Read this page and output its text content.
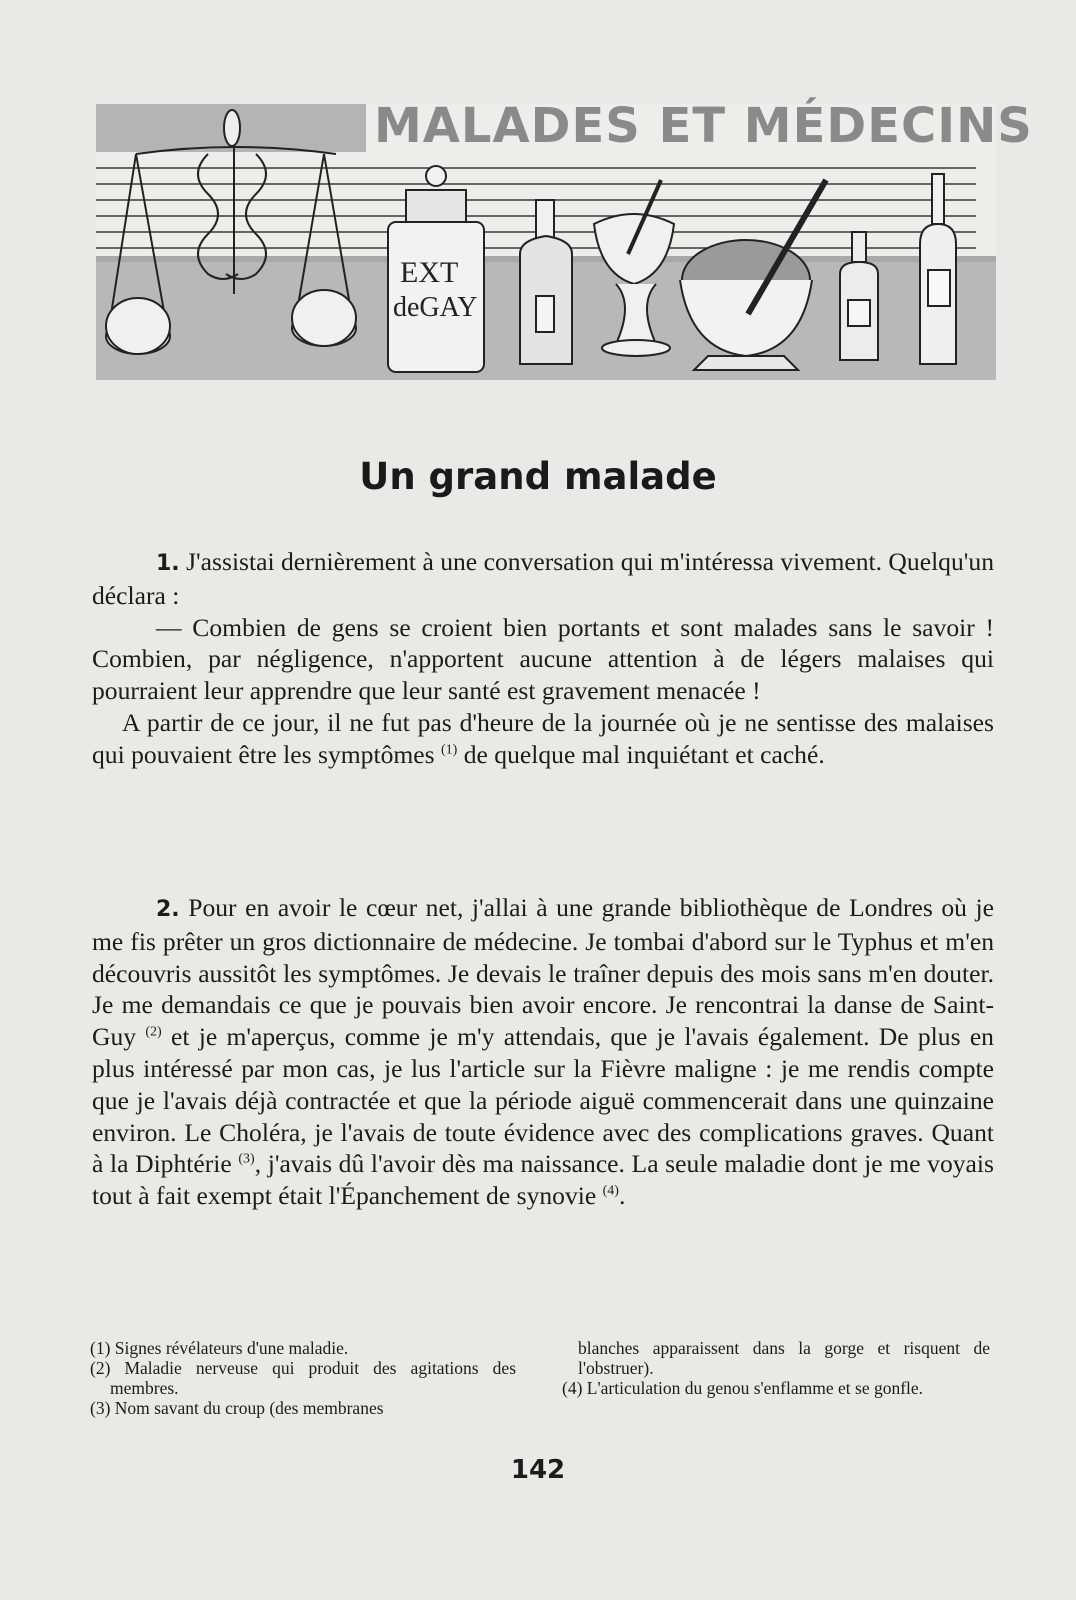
EXT
deGAY
MALADES ET MÉDECINS
Un grand malade

1. J'assistai dernièrement à une conversation qui m'intéressa vivement. Quelqu'un déclara :

— Combien de gens se croient bien portants et sont malades sans le savoir ! Combien, par négligence, n'apportent aucune attention à de légers malaises qui pourraient leur apprendre que leur santé est gravement menacée !

A partir de ce jour, il ne fut pas d'heure de la journée où je ne sentisse des malaises qui pouvaient être les symptômes $^{(1)}$ de quelque mal inquiétant et caché.

2. Pour en avoir le cœur net, j'allai à une grande bibliothèque de Londres où je me fis prêter un gros dictionnaire de médecine. Je tombai d'abord sur le Typhus et m'en découvris aussitôt les symptômes. Je devais le traîner depuis des mois sans m'en douter. Je me demandais ce que je pouvais bien avoir encore. Je rencontrai la danse de Saint-Guy $^{(2)}$ et je m'aperçus, comme je m'y attendais, que je l'avais également. De plus en plus intéressé par mon cas, je lus l'article sur la Fièvre maligne : je me rendis compte que je l'avais déjà contractée et que la période aiguë commencerait dans une quinzaine environ. Le Choléra, je l'avais de toute évidence avec des complications graves. Quant à la Diphtérie $^{(3)}$, j'avais dû l'avoir dès ma naissance. La seule maladie dont je me voyais tout à fait exempt était l'Épanchement de synovie $^{(4)}$.

(1) Signes révélateurs d'une maladie.

(2) Maladie nerveuse qui produit des agitations des membres.

(3) Nom savant du croup (des membranes

blanches apparaissent dans la gorge et risquent de l'obstruer).

(4) L'articulation du genou s'enflamme et se gonfle.

142
